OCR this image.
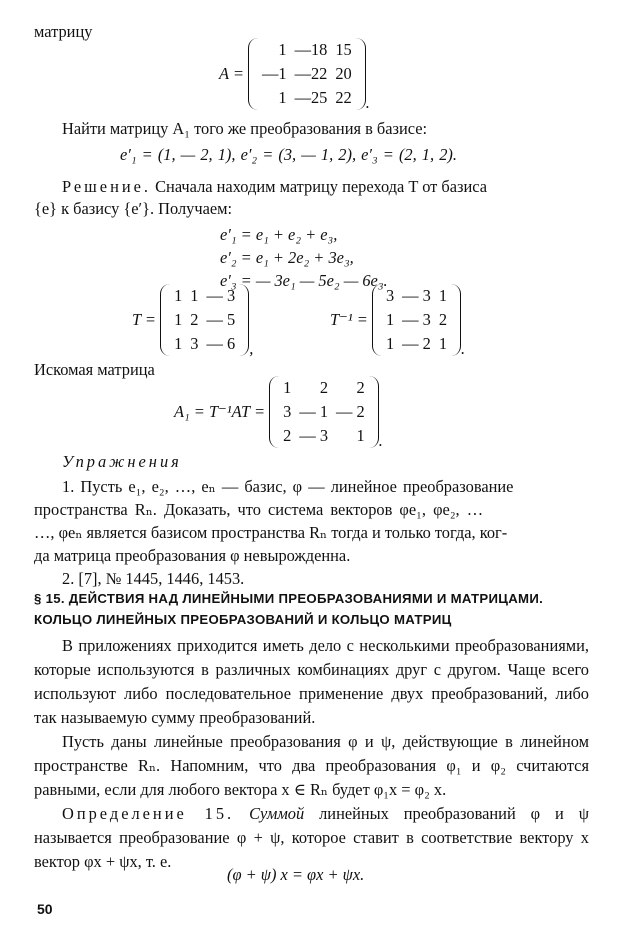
матрицу
A =
1	—18	15
—1	—22	20
1	—25	22 .
Найти матрицу A₁ того же преобразования в базисе:
e′₁ = (1, — 2, 1), e′₂ = (3, — 1, 2), e′₃ = (2, 1, 2).
Решение. Сначала находим матрицу перехода T от базиса
{e} к базису {e′}. Получаем:
e′₁ = e₁ + e₂ + e₃,
e′₂ = e₁ + 2e₂ + 3e₃,
e′₃ = — 3e₁ — 5e₂ — 6e₃.
T =
1	1	— 3
1	2	— 5
1	3	— 6 ,
T⁻¹ =
3	— 3	1
1	— 3	2
1	— 2	1 .
Искомая матрица
A₁ = T⁻¹AT =
1	2	2
3	— 1	— 2
2	— 3	1 .
Упражнения
1. Пусть e₁, e₂, …, eₙ — базис, φ — линейное преобразование
пространства Rₙ. Доказать, что система векторов φe₁, φe₂, …
…, φeₙ является базисом пространства Rₙ тогда и только тогда, ког-
да матрица преобразования φ невырожденна.
2. [7], № 1445, 1446, 1453.
§ 15. ДЕЙСТВИЯ НАД ЛИНЕЙНЫМИ ПРЕОБРАЗОВАНИЯМИ И МАТРИЦАМИ.
КОЛЬЦО ЛИНЕЙНЫХ ПРЕОБРАЗОВАНИЙ И КОЛЬЦО МАТРИЦ

В приложениях приходится иметь дело с несколькими преобразованиями, которые используются в различных комбинациях друг с другом. Чаще всего используют либо последовательное применение двух преобразований, либо так называемую сумму преобразований.

Пусть даны линейные преобразования φ и ψ, действующие в линейном пространстве Rₙ. Напомним, что два преобразования φ₁ и φ₂ считаются равными, если для любого вектора x ∈ Rₙ будет φ₁x = φ₂ x.

Определение 15. Суммой линейных преобразований φ и ψ называется преобразование φ + ψ, которое ставит в соответствие вектору x вектор φx + ψx, т. е.

(φ + ψ) x = φx + ψx.
50
